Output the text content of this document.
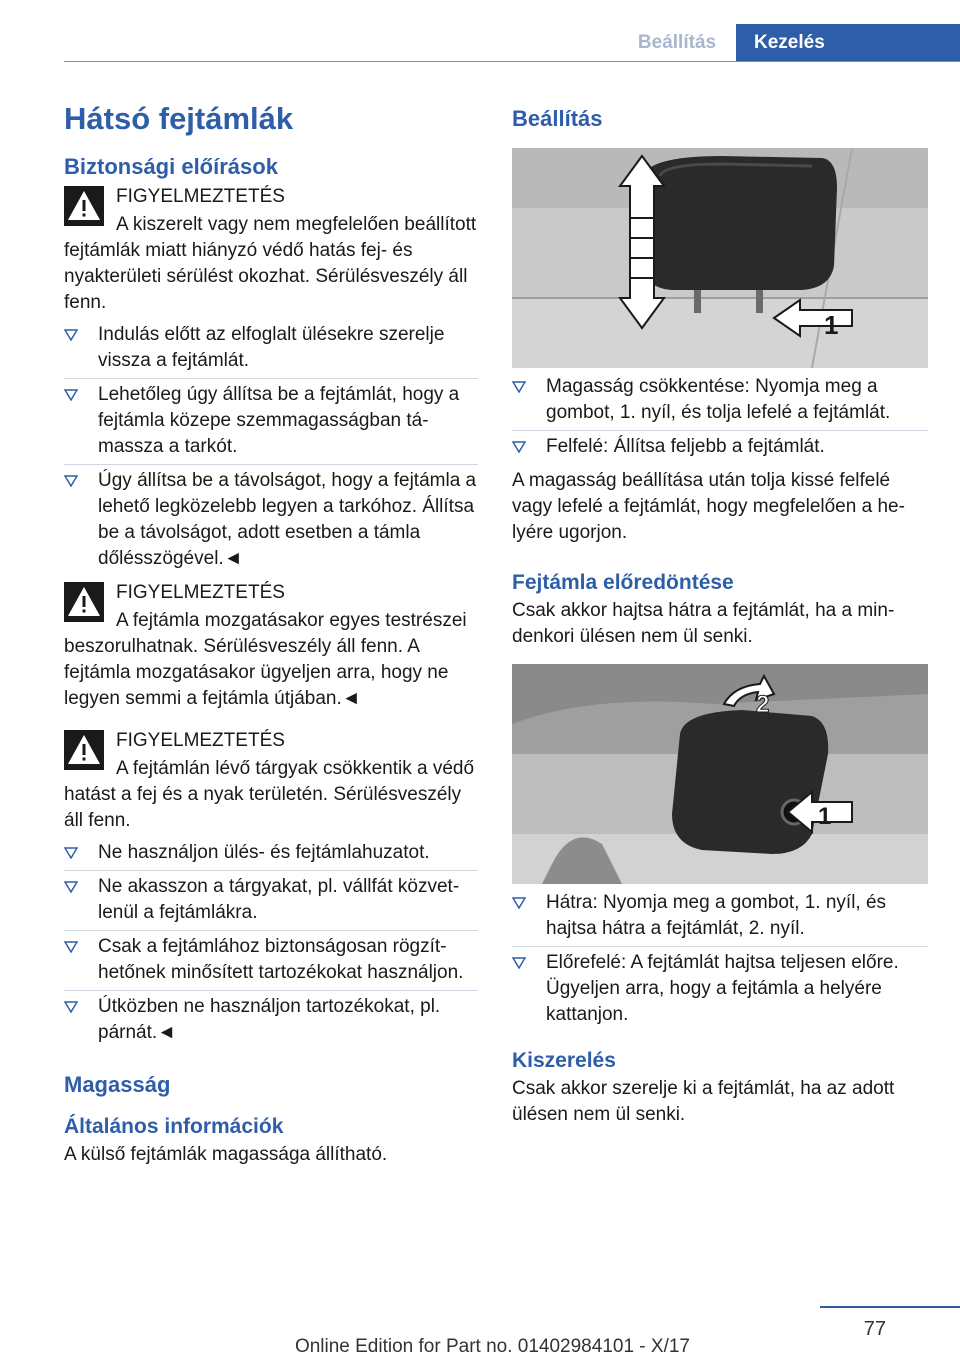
Beállítás	Kezelés
Hátsó fejtámlák
Biztonsági előírások
FIGYELMEZTETÉS

A kiszerelt vagy nem megfelelően beállított fejtámlák miatt hiányzó védő hatás fej- és nyakterületi sérülést okozhat. Sérülésveszély áll fenn.

Indulás előtt az elfoglalt ülésekre szerelje vissza a fejtámlát.
Lehetőleg úgy állítsa be a fejtámlát, hogy a fejtámla közepe szemmagasságban támassza a tarkót.
Úgy állítsa be a távolságot, hogy a fejtámla a lehető legközelebb legyen a tarkóhoz. Állítsa be a távolságot, adott esetben a támla dőlésszögével.◄
FIGYELMEZTETÉS

A fejtámla mozgatásakor egyes testrészei beszorulhatnak. Sérülésveszély áll fenn. A fejtámla mozgatásakor ügyeljen arra, hogy ne legyen semmi a fejtámla útjában.◄

FIGYELMEZTETÉS

A fejtámlán lévő tárgyak csökkentik a védő hatást a fej és a nyak területén. Sérülésveszély áll fenn.

Ne használjon ülés- és fejtámlahuzatot.
Ne akasszon a tárgyakat, pl. vállfát közvetlenül a fejtámlákra.
Csak a fejtámlához biztonságosan rögzíthetőnek minősített tartozékokat használjon.
Útközben ne használjon tartozékokat, pl. párnát.◄
Magasság
Általános információk

A külső fejtámlák magassága állítható.

Beállítás
1
Magasság csökkentése: Nyomja meg a gombot, 1. nyíl, és tolja lefelé a fejtámlát.
Felfelé: Állítsa feljebb a fejtámlát.

A magasság beállítása után tolja kissé felfelé vagy lefelé a fejtámlát, hogy megfelelően a helyére ugorjon.

Fejtámla előredöntése

Csak akkor hajtsa hátra a fejtámlát, ha a mindenkori ülésen nem ül senki.

2
1
Hátra: Nyomja meg a gombot, 1. nyíl, és hajtsa hátra a fejtámlát, 2. nyíl.
Előrefelé: A fejtámlát hajtsa teljesen előre. Ügyeljen arra, hogy a fejtámla a helyére kattanjon.
Kiszerelés

Csak akkor szerelje ki a fejtámlát, ha az adott ülésen nem ül senki.

77
Online Edition for Part no. 01402984101 - X/17
